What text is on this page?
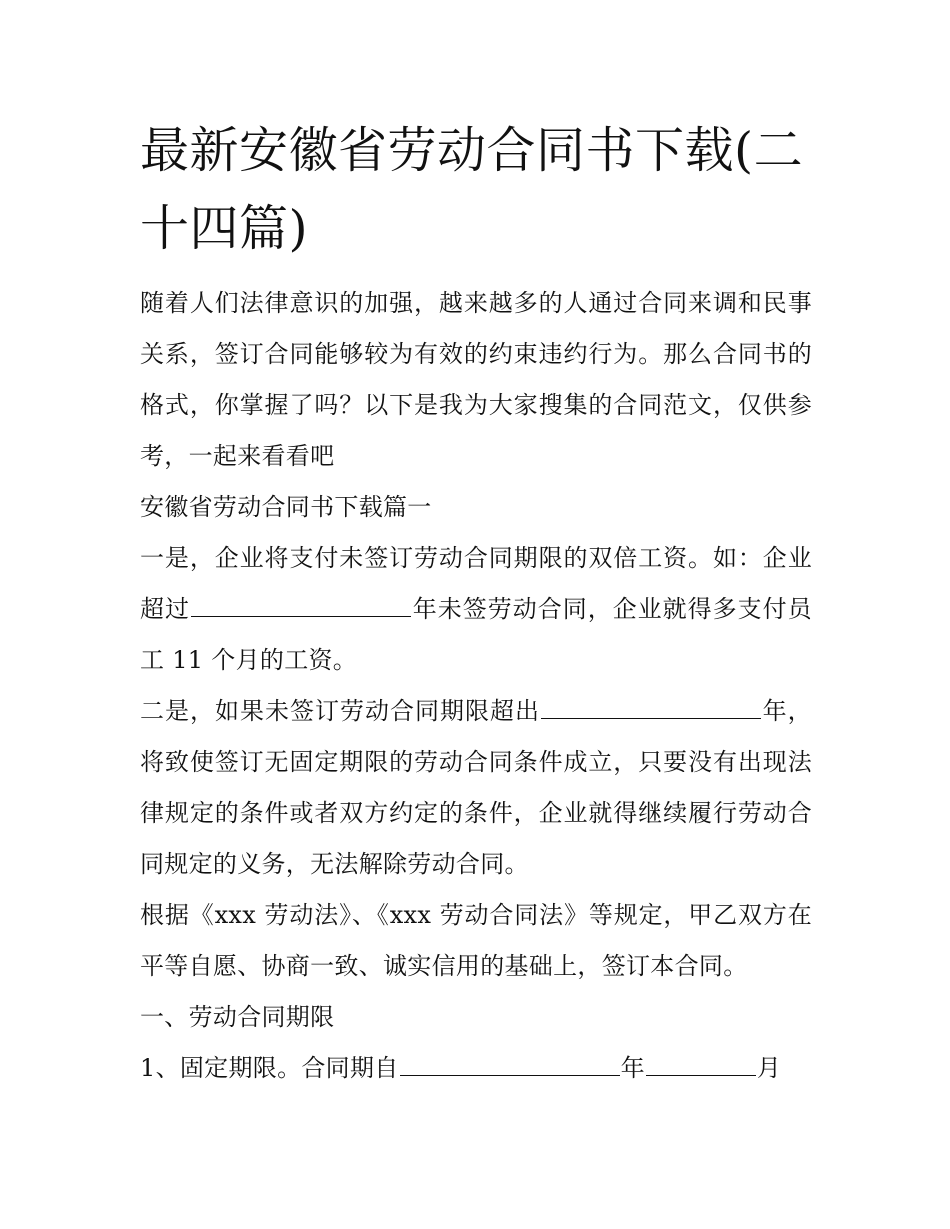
最新安徽省劳动合同书下载(二十四篇)

随着人们法律意识的加强，越来越多的人通过合同来调和民事关系，签订合同能够较为有效的约束违约行为。那么合同书的格式，你掌握了吗？以下是我为大家搜集的合同范文，仅供参考，一起来看看吧

安徽省劳动合同书下载篇一

一是，企业将支付未签订劳动合同期限的双倍工资。如：企业超过	年未签劳动合同，企业就得多支付员工 11 个月的工资。

二是，如果未签订劳动合同期限超出	年，将致使签订无固定期限的劳动合同条件成立，只要没有出现法律规定的条件或者双方约定的条件，企业就得继续履行劳动合同规定的义务，无法解除劳动合同。

根据《xxx 劳动法》、《xxx 劳动合同法》等规定，甲乙双方在平等自愿、协商一致、诚实信用的基础上，签订本合同。

一、劳动合同期限

1、固定期限。合同期自	年	月
